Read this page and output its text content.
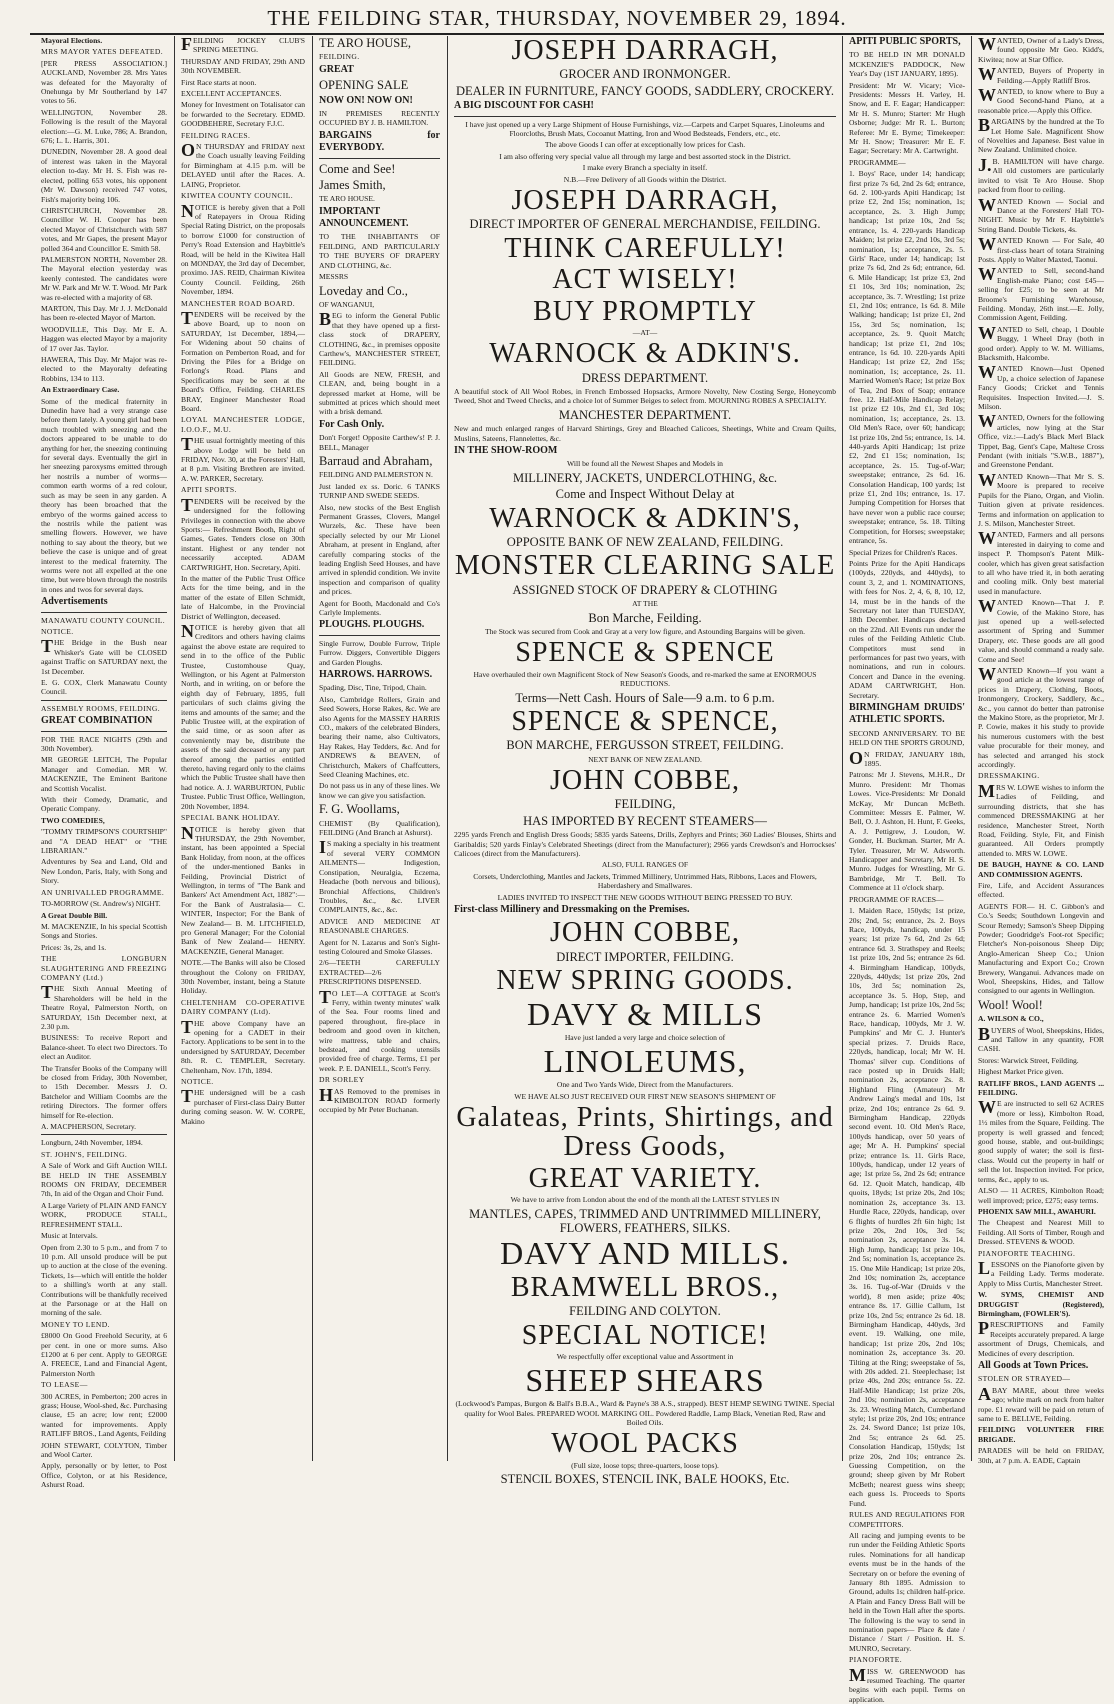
THE FEILDING STAR, THURSDAY, NOVEMBER 29, 1894.

Mayoral Elections.

MRS MAYOR YATES DEFEATED.

[PER PRESS ASSOCIATION.] AUCKLAND, November 28. Mrs Yates was defeated for the Mayoralty of Onehunga by Mr Southerland by 147 votes to 56.

WELLINGTON, November 28. Following is the result of the Mayoral election:—G. M. Luke, 786; A. Brandon, 676; L. L. Harris, 301.

DUNEDIN, November 28. A good deal of interest was taken in the Mayoral election to-day. Mr H. S. Fish was re-elected, polling 653 votes, his opponent (Mr W. Dawson) received 747 votes, Fish's majority being 106.

CHRISTCHURCH, November 28. Councillor W. H. Cooper has been elected Mayor of Christchurch with 587 votes, and Mr Gapes, the present Mayor polled 364 and Councillor E. Smith 58.

PALMERSTON NORTH, November 28. The Mayoral election yesterday was keenly contested. The candidates were Mr W. Park and Mr W. T. Wood. Mr Park was re-elected with a majority of 68.

MARTON, This Day. Mr J. J. McDonald has been re-elected Mayor of Marton.

WOODVILLE, This Day. Mr E. A. Haggen was elected Mayor by a majority of 17 over Jas. Taylor.

HAWERA, This Day. Mr Major was re-elected to the Mayoralty defeating Robbins, 134 to 113.

An Extraordinary Case.

Some of the medical fraternity in Dunedin have had a very strange case before them lately. A young girl had been much troubled with sneezing and the doctors appeared to be unable to do anything for her, the sneezing continuing for several days. Eventually the girl in her sneezing paroxysms emitted through her nostrils a number of worms—common earth worms of a red colour, such as may be seen in any garden. A theory has been broached that the embryo of the worms gained access to the nostrils while the patient was smelling flowers. However, we have nothing to say about the theory, but we believe the case is unique and of great interest to the medical fraternity. The worms were not all expelled at the one time, but were blown through the nostrils in ones and twos for several days.

Advertisements

MANAWATU COUNTY COUNCIL.

NOTICE.

THE Bridge in the Bush near Whisker's Gate will be CLOSED against Traffic on SATURDAY next, the 1st December.

E. G. COX, Clerk Manawatu County Council.

ASSEMBLY ROOMS, FEILDING.

GREAT COMBINATION

FOR THE RACE NIGHTS (29th and 30th November).

MR GEORGE LEITCH, The Popular Manager and Comedian. MR W. MACKENZIE, The Eminent Baritone and Scottish Vocalist.

With their Comedy, Dramatic, and Operatic Company.

TWO COMEDIES,

"TOMMY TRIMPSON'S COURTSHIP" and "A DEAD HEAT" or "THE LIBRARIAN."

Adventures by Sea and Land, Old and New London, Paris, Italy, with Song and Story.

AN UNRIVALLED PROGRAMME.

TO-MORROW (St. Andrew's) NIGHT.

A Great Double Bill.

M. MACKENZIE, In his special Scottish Songs and Stories.

Prices: 3s, 2s, and 1s.

THE LONGBURN SLAUGHTERING AND FREEZING COMPANY (Ltd.)

THE Sixth Annual Meeting of Shareholders will be held in the Theatre Royal, Palmerston North, on SATURDAY, 15th December next, at 2.30 p.m.

BUSINESS: To receive Report and Balance-sheet. To elect two Directors. To elect an Auditor.

The Transfer Books of the Company will be closed from Friday, 30th November, to 15th December. Messrs J. O. Batchelor and William Coombs are the retiring Directors. The former offers himself for Re-election.

A. MACPHERSON, Secretary.

Longburn, 24th November, 1894.

ST. JOHN'S, FEILDING.

A Sale of Work and Gift Auction WILL BE HELD IN THE ASSEMBLY ROOMS ON FRIDAY, DECEMBER 7th, In aid of the Organ and Choir Fund.

A Large Variety of PLAIN AND FANCY WORK, PRODUCE STALL, REFRESHMENT STALL.

Music at Intervals.

Open from 2.30 to 5 p.m., and from 7 to 10 p.m. All unsold produce will be put up to auction at the close of the evening. Tickets, 1s—which will entitle the holder to a shilling's worth at any stall. Contributions will be thankfully received at the Parsonage or at the Hall on morning of the sale.

MONEY TO LEND.

£8000 On Good Freehold Security, at 6 per cent. in one or more sums. Also £1200 at 6 per cent. Apply to GEORGE A. FREECE, Land and Financial Agent, Palmerston North

TO LEASE—

300 ACRES, in Pemberton; 200 acres in grass; House, Wool-shed, &c. Purchasing clause, £5 an acre; low rent; £2000 wanted for improvements. Apply RATLIFF BROS., Land Agents, Feilding

JOHN STEWART, COLYTON, Timber and Wool Carter.

Apply, personally or by letter, to Post Office, Colyton, or at his Residence, Ashurst Road.

FEILDING JOCKEY CLUB'S SPRING MEETING.

THURSDAY AND FRIDAY, 29th AND 30th NOVEMBER.

First Race starts at noon.

EXCELLENT ACCEPTANCES.

Money for Investment on Totalisator can be forwarded to the Secretary. EDMD. GOODBEHERE, Secretary F.J.C.

FEILDING RACES.

ON THURSDAY and FRIDAY next the Coach usually leaving Feilding for Birmingham at 4.15 p.m. will be DELAYED until after the Races. A. LAING, Proprietor.

KIWITEA COUNTY COUNCIL.

NOTICE is hereby given that a Poll of Ratepayers in Oroua Riding Special Rating District, on the proposals to borrow £1000 for construction of Perry's Road Extension and Haybittle's Road, will be held in the Kiwitea Hall on MONDAY, the 3rd day of December, proximo. JAS. REID, Chairman Kiwitea County Council. Feilding, 26th November, 1894.

MANCHESTER ROAD BOARD.

TENDERS will be received by the above Board, up to noon on SATURDAY, 1st December, 1894,— For Widening about 50 chains of Formation on Pemberton Road, and for Driving the Piles for a Bridge on Forlong's Road. Plans and Specifications may be seen at the Board's Office, Feilding. CHARLES BRAY, Engineer Manchester Road Board.

LOYAL MANCHESTER LODGE, I.O.O.F., M.U.

THE usual fortnightly meeting of this above Lodge will be held on FRIDAY, Nov. 30, at the Foresters' Hall, at 8 p.m. Visiting Brethren are invited. A. W. PARKER, Secretary.

APITI SPORTS.

TENDERS will be received by the undersigned for the following Privileges in connection with the above Sports:— Refreshment Booth, Right of Games, Gates. Tenders close on 30th instant. Highest or any tender not necessarily accepted. ADAM CARTWRIGHT, Hon. Secretary, Apiti.

In the matter of the Public Trust Office Acts for the time being, and in the matter of the estate of Ellen Schmidt, late of Halcombe, in the Provincial District of Wellington, deceased.

NOTICE is hereby given that all Creditors and others having claims against the above estate are required to send in to the office of the Public Trustee, Customhouse Quay, Wellington, or his Agent at Palmerston North, and in writing, on or before the eighth day of February, 1895, full particulars of such claims giving the items and amounts of the same; and the Public Trustee will, at the expiration of the said time, or as soon after as conveniently may be, distribute the assets of the said deceased or any part thereof among the parties entitled thereto, having regard only to the claims which the Public Trustee shall have then had notice. A. J. WARBURTON, Public Trustee. Public Trust Office, Wellington, 20th November, 1894.

SPECIAL BANK HOLIDAY.

NOTICE is hereby given that THURSDAY, the 29th November, instant, has been appointed a Special Bank Holiday, from noon, at the offices of the under-mentioned Banks in Feilding, Provincial District of Wellington, in terms of "The Bank and Bankers' Act Amendment Act, 1882":— For the Bank of Australasia— C. WINTER, Inspector; For the Bank of New Zealand— B. M. LITCHFIELD, pro General Manager; For the Colonial Bank of New Zealand— HENRY. MACKENZIE, General Manager.

NOTE.—The Banks will also be Closed throughout the Colony on FRIDAY, 30th November, instant, being a Statute Holiday.

CHELTENHAM CO-OPERATIVE DAIRY COMPANY (Ltd).

THE above Company have an opening for a CADET in their Factory. Applications to be sent in to the undersigned by SATURDAY, December 8th. R. C. TEMPLER, Secretary. Cheltenham, Nov. 17th, 1894.

NOTICE.

THE undersigned will be a cash purchaser of First-class Dairy Butter during coming season. W. W. CORPE, Makino

TE ARO HOUSE,

FEILDING.

GREAT

OPENING SALE

NOW ON! NOW ON!

IN PREMISES RECENTLY OCCUPIED BY J. B. HAMILTON.

BARGAINS for EVERYBODY.

Come and See!

James Smith,

TE ARO HOUSE.

IMPORTANT ANNOUNCEMENT.

TO THE INHABITANTS OF FEILDING, AND PARTICULARLY TO THE BUYERS OF DRAPERY AND CLOTHING, &c.

MESSRS

Loveday and Co.,

OF WANGANUI,

BEG to inform the General Public that they have opened up a first-class stock of DRAPERY, CLOTHING, &c., in premises opposite Carthew's, MANCHESTER STREET, FEILDING.

All Goods are NEW, FRESH, and CLEAN, and, being bought in a depressed market at Home, will be submitted at prices which should meet with a brisk demand.

For Cash Only.

Don't Forget! Opposite Carthew's! P. J. BELL, Manager

Barraud and Abraham,

FEILDING AND PALMERSTON N.

Just landed ex ss. Doric. 6 TANKS TURNIP AND SWEDE SEEDS.

Also, new stocks of the Best English Permanent Grasses, Clovers, Mangel Wurzels, &c. These have been specially selected by our Mr Lionel Abraham, at present in England, after carefully comparing stocks of the leading English Seed Houses, and have arrived in splendid condition. We invite inspection and comparison of quality and prices.

Agent for Booth, Macdonald and Co's Carlyle Implements.

PLOUGHS. PLOUGHS.

Single Furrow, Double Furrow, Triple Furrow. Diggers, Convertible Diggers and Garden Ploughs.

HARROWS. HARROWS.

Spading, Disc, Tine, Tripod, Chain.

Also, Cambridge Rollers, Grain and Seed Sowers, Horse Rakes, &c. We are also Agents for the MASSEY HARRIS CO., makers of the celebrated Binders, bearing their name, also Cultivators, Hay Rakes, Hay Tedders, &c. And for ANDREWS & BEAVEN, of Christchurch, Makers of Chaffcutters, Seed Cleaning Machines, etc.

Do not pass us in any of these lines. We know we can give you satisfaction.

F. G. Woollams,

CHEMIST (By Qualification), FEILDING (And Branch at Ashurst).

IS making a specialty in his treatment of several VERY COMMON AILMENTS— Indigestion, Constipation, Neuralgia, Eczema, Headache (both nervous and bilious), Bronchial Affections, Children's Troubles, &c., &c. LIVER COMPLAINTS, &c., &c.

ADVICE AND MEDICINE AT REASONABLE CHARGES.

Agent for N. Lazarus and Son's Sight-testing Coloured and Smoke Glasses.

2/6—TEETH CAREFULLY EXTRACTED—2/6 PRESCRIPTIONS DISPENSED.

TO LET—A COTTAGE at Scott's Ferry, within twenty minutes' walk of the Sea. Four rooms lined and papered throughout, fire-place in bedroom and good oven in kitchen, wire mattress, table and chairs, bedstead, and cooking utensils provided free of charge. Terms, £1 per week. P. E. DANIELL, Scott's Ferry.

DR SORLEY

HAS Removed to the premises in KIMBOLTON ROAD formerly occupied by Mr Peter Buchanan.

JOSEPH DARRAGH,

GROCER AND IRONMONGER.

DEALER IN FURNITURE, FANCY GOODS, SADDLERY, CROCKERY.

A BIG DISCOUNT FOR CASH!

I have just opened up a very Large Shipment of House Furnishings, viz.—Carpets and Carpet Squares, Linoleums and Floorcloths, Brush Mats, Cocoanut Matting, Iron and Wood Bedsteads, Fenders, etc., etc.

The above Goods I can offer at exceptionally low prices for Cash.

I am also offering very special value all through my large and best assorted stock in the District.

I make every Branch a specialty in itself.

N.B.—Free Delivery of all Goods within the District.

JOSEPH DARRAGH,

DIRECT IMPORTER OF GENERAL MERCHANDISE, FEILDING.

THINK CAREFULLY!

ACT WISELY!

BUY PROMPTLY

—AT—

WARNOCK & ADKIN'S.

DRESS DEPARTMENT.

A beautiful stock of All Wool Robes, in French Embossed Hopsacks, Armore Novelty, New Costing Serge, Honeycomb Tweed, Shot and Tweed Checks, and a choice lot of Summer Beiges to select from. MOURNING ROBES A SPECIALTY.

MANCHESTER DEPARTMENT.

New and much enlarged ranges of Harvard Shirtings, Grey and Bleached Calicoes, Sheetings, White and Cream Quilts, Muslins, Sateens, Flannelettes, &c.

IN THE SHOW-ROOM

Will be found all the Newest Shapes and Models in

MILLINERY, JACKETS, UNDERCLOTHING, &c.

Come and Inspect Without Delay at

WARNOCK & ADKIN'S,

OPPOSITE BANK OF NEW ZEALAND, FEILDING.

MONSTER CLEARING SALE

ASSIGNED STOCK OF DRAPERY & CLOTHING

AT THE

Bon Marche, Feilding.

The Stock was secured from Cook and Gray at a very low figure, and Astounding Bargains will be given.

SPENCE & SPENCE

Have overhauled their own Magnificent Stock of New Season's Goods, and re-marked the same at ENORMOUS REDUCTIONS.

Terms—Nett Cash. Hours of Sale—9 a.m. to 6 p.m.

SPENCE & SPENCE,

BON MARCHE, FERGUSSON STREET, FEILDING.

NEXT BANK OF NEW ZEALAND.

JOHN COBBE,

FEILDING,

HAS IMPORTED BY RECENT STEAMERS—

2295 yards French and English Dress Goods; 5835 yards Sateens, Drills, Zephyrs and Prints; 360 Ladies' Blouses, Shirts and Garibaldis; 520 yards Finlay's Celebrated Sheetings (direct from the Manufacturer); 2966 yards Crewdson's and Horrockses' Calicoes (direct from the Manufacturers).

ALSO, FULL RANGES OF

Corsets, Underclothing, Mantles and Jackets, Trimmed Millinery, Untrimmed Hats, Ribbons, Laces and Flowers, Haberdashery and Smallwares.

LADIES INVITED TO INSPECT THE NEW GOODS WITHOUT BEING PRESSED TO BUY.

First-class Millinery and Dressmaking on the Premises.

JOHN COBBE,

DIRECT IMPORTER, FEILDING.

NEW SPRING GOODS.

DAVY & MILLS

Have just landed a very large and choice selection of

LINOLEUMS,

One and Two Yards Wide, Direct from the Manufacturers.

WE HAVE ALSO JUST RECEIVED OUR FIRST NEW SEASON'S SHIPMENT OF

Galateas, Prints, Shirtings, and Dress Goods,

GREAT VARIETY.

We have to arrive from London about the end of the month all the LATEST STYLES IN

MANTLES, CAPES, TRIMMED AND UNTRIMMED MILLINERY, FLOWERS, FEATHERS, SILKS.

DAVY AND MILLS.

BRAMWELL BROS.,

FEILDING AND COLYTON.

SPECIAL NOTICE!

We respectfully offer exceptional value and Assortment in

SHEEP SHEARS

(Lockwood's Pampas, Burgon & Ball's B.B.A., Ward & Payne's 38 A.S., strapped). BEST HEMP SEWING TWINE. Special quality for Wool Bales. PREPARED WOOL MARKING OIL. Powdered Raddle, Lamp Black, Venetian Red, Raw and Boiled Oils.

WOOL PACKS

(Full size, loose tops; three-quarters, loose tops).

STENCIL BOXES, STENCIL INK, BALE HOOKS, Etc.

APITI PUBLIC SPORTS,

TO BE HELD IN MR DONALD MCKENZIE'S PADDOCK, New Year's Day (1ST JANUARY, 1895).

President: Mr W. Vicary; Vice-Presidents: Messrs H. Varley, H. Snow, and E. F. Eagar; Handicapper: Mr H. S. Munro; Starter: Mr Hugh Osborne; Judge: Mr R. L. Burton; Referee: Mr E. Byrne; Timekeeper: Mr H. Snow; Treasurer: Mr E. F. Eagar; Secretary: Mr A. Cartwright.

PROGRAMME—

1. Boys' Race, under 14; handicap; first prize 7s 6d, 2nd 2s 6d; entrance, 6d. 2. 100-yards Apiti Handicap; 1st prize £2, 2nd 15s; nomination, 1s; acceptance, 2s. 3. High Jump; handicap; 1st prize 10s, 2nd 5s; entrance, 1s. 4. 220-yards Handicap Maiden; 1st prize £2, 2nd 10s, 3rd 5s; nomination, 1s; acceptance, 2s. 5. Girls' Race, under 14; handicap; 1st prize 7s 6d, 2nd 2s 6d; entrance, 6d. 6. Mile Handicap; 1st prize £3, 2nd £1 10s, 3rd 10s; nomination, 2s; acceptance, 3s. 7. Wrestling; 1st prize £1, 2nd 10s; entrance, 1s 6d. 8. Mile Walking; handicap; 1st prize £1, 2nd 15s, 3rd 5s; nomination, 1s; acceptance, 2s. 9. Quoit Match; handicap; 1st prize £1, 2nd 10s; entrance, 1s 6d. 10. 220-yards Apiti Handicap; 1st prize £2, 2nd 15s; nomination, 1s; acceptance, 2s. 11. Married Women's Race; 1st prize Box of Tea, 2nd Box of Soap; entrance free. 12. Half-Mile Handicap Relay; 1st prize £2 10s, 2nd £1, 3rd 10s; nomination, 1s; acceptance, 2s. 13. Old Men's Race, over 60; handicap; 1st prize 10s, 2nd 5s; entrance, 1s. 14. 440-yards Apiti Handicap; 1st prize £2, 2nd £1 15s; nomination, 1s; acceptance, 2s. 15. Tug-of-War; sweepstake; entrance, 2s 6d. 16. Consolation Handicap, 100 yards; 1st prize £1, 2nd 10s; entrance, 1s. 17. Jumping Competition for Horses that have never won a public race course; sweepstake; entrance, 5s. 18. Tilting Competition, for Horses; sweepstake; entrance, 5s.

Special Prizes for Children's Races.

Points Prize for the Apiti Handicaps (100yds, 220yds, and 440yds), to count 3, 2, and 1. NOMINATIONS, with fees for Nos. 2, 4, 6, 8, 10, 12, 14, must be in the hands of the Secretary not later than TUESDAY, 18th December. Handicaps declared on the 22nd. All Events run under the rules of the Feilding Athletic Club. Competitors must send in performances for past two years, with nominations, and run in colours. Concert and Dance in the evening. ADAM CARTWRIGHT, Hon. Secretary.

BIRMINGHAM DRUIDS' ATHLETIC SPORTS.

SECOND ANNIVERSARY. TO BE HELD ON THE SPORTS GROUND,

ON FRIDAY, JANUARY 18th, 1895.

Patrons: Mr J. Stevens, M.H.R., Dr Munro. President: Mr Thomas Lowes. Vice-Presidents: Mr Donald McKay, Mr Duncan McBeth. Committee: Messrs E. Palmer, W. Bell, O. J. Ashton, H. Hunt, F. Geeks, A. J. Pettigrew, J. Loudon, W. Gonder, H. Buckman. Starter, Mr A. Tyler. Treasurer, Mr W. Adsworth. Handicapper and Secretary, Mr H. S. Munro. Judges for Wrestling, Mr G. Bambridge, Mr T. Bell. To Commence at 11 o'clock sharp.

PROGRAMME OF RACES—

1. Maiden Race, 150yds; 1st prize, 20s; 2nd, 5s; entrance, 2s. 2. Boys Race, 100yds, handicap, under 15 years; 1st prize 7s 6d, 2nd 2s 6d; entrance 6d. 3. Strathspey and Reels; 1st prize 10s, 2nd 5s; entrance 2s 6d. 4. Birmingham Handicap, 100yds, 220yds, 440yds; 1st prize 20s, 2nd 10s, 3rd 5s; nomination 2s, acceptance 3s. 5. Hop, Step, and Jump, handicap; 1st prize 10s, 2nd 5s; entrance 2s. 6. Married Women's Race, handicap, 100yds, Mr J. W. Pumpkins' and Mr C. J. Hunter's special prizes. 7. Druids Race, 220yds, handicap, local; Mr W. H. Thomas' silver cup. Conditions of race posted up in Druids Hall; nomination 2s, acceptance 2s. 8. Highland Fling (Amateur) Mr Andrew Laing's medal and 10s, 1st prize, 2nd 10s; entrance 2s 6d. 9. Birmingham Handicap, 220yds second event. 10. Old Men's Race, 100yds handicap, over 50 years of age; Mr A. H. Pumpkins' special prize; entrance 1s. 11. Girls Race, 100yds, handicap, under 12 years of age; 1st prize 5s, 2nd 2s 6d; entrance 6d. 12. Quoit Match, handicap, 4lb quoits, 18yds; 1st prize 20s, 2nd 10s; nomination 2s, acceptance 3s. 13. Hurdle Race, 220yds, handicap, over 6 flights of hurdles 2ft 6in high; 1st prize 20s, 2nd 10s, 3rd 5s; nomination 2s, acceptance 3s. 14. High Jump, handicap; 1st prize 10s, 2nd 5s; nomination 1s, acceptance 2s. 15. One Mile Handicap; 1st prize 20s, 2nd 10s; nomination 2s, acceptance 3s. 16. Tug-of-War (Druids v the world), 8 men aside; prize 40s; entrance 8s. 17. Gillie Callum, 1st prize 10s, 2nd 5s; entrance 2s 6d. 18. Birmingham Handicap, 440yds, 3rd event. 19. Walking, one mile, handicap; 1st prize 20s, 2nd 10s; nomination 2s, acceptance 3s. 20. Tilting at the Ring; sweepstake of 5s, with 20s added. 21. Steeplechase; 1st prize 40s, 2nd 20s; entrance 5s. 22. Half-Mile Handicap; 1st prize 20s, 2nd 10s; nomination 2s, acceptance 3s. 23. Wrestling Match, Cumberland style; 1st prize 20s, 2nd 10s; entrance 2s. 24. Sword Dance; 1st prize 10s, 2nd 5s; entrance 2s 6d. 25. Consolation Handicap, 150yds; 1st prize 20s, 2nd 10s; entrance 2s. Guessing Competition, on the ground; sheep given by Mr Robert McBeth; nearest guess wins sheep; each guess 1s. Proceeds to Sports Fund.

RULES AND REGULATIONS FOR COMPETITORS.

All racing and jumping events to be run under the Feilding Athletic Sports rules. Nominations for all handicap events must be in the hands of the Secretary on or before the evening of January 8th 1895. Admission to Ground, adults 1s; children half-price. A Plain and Fancy Dress Ball will be held in the Town Hall after the sports. The following is the way to send in nomination papers— Place & date / Distance / Start / Position. H. S. MUNRO, Secretary.

PIANOFORTE.

MISS W. GREENWOOD has resumed Teaching. The quarter begins with each pupil. Terms on application.

WANTED, Owner of a Lady's Dress, found opposite Mr Geo. Kidd's, Kiwitea; now at Star Office.

WANTED, Buyers of Property in Feilding.—Apply Ratliff Bros.

WANTED, to know where to Buy a Good Second-hand Piano, at a reasonable price.—Apply this Office.

BARGAINS by the hundred at the To Let Home Sale. Magnificent Show of Novelties and Japanese. Best value in New Zealand. Unlimited choice.

J.B. HAMILTON will have charge. All old customers are particularly invited to visit Te Aro House. Shop packed from floor to ceiling.

WANTED Known — Social and Dance at the Foresters' Hall TO-NIGHT. Music by Mr F. Haybittle's String Band. Double Tickets, 4s.

WANTED Known — For Sale, 40 first-class heart of totara Straining Posts. Apply to Walter Maxted, Taonui.

WANTED to Sell, second-hand English-make Piano; cost £45—selling for £25; to be seen at Mr Broome's Furnishing Warehouse, Feilding. Monday, 26th inst.—E. Jolly, Commission Agent, Feilding.

WANTED to Sell, cheap, 1 Double Buggy, 1 Wheel Dray (both in good order). Apply to W. M. Williams, Blacksmith, Halcombe.

WANTED Known—Just Opened Up, a choice selection of Japanese Fancy Goods; Cricket and Tennis Requisites. Inspection Invited.—J. S. Milson.

WANTED, Owners for the following articles, now lying at the Star Office, viz.:—Lady's Black Merl Black Tippet, Bag, Gent's Cape, Maltese Cross Pendant (with initials "S.W.B., 1887"), and Greenstone Pendant.

WANTED Known—That Mr S. S. Moore is prepared to receive Pupils for the Piano, Organ, and Violin. Tuition given at private residences. Terms and information on application to J. S. Milson, Manchester Street.

WANTED, Farmers and all persons interested in dairying to come and inspect P. Thompson's Patent Milk-cooler, which has given great satisfaction to all who have tried it, in both aerating and cooling milk. Only best material used in manufacture.

WANTED Known—That J. P. Cowie, of the Makino Store, has just opened up a well-selected assortment of Spring and Summer Drapery, etc. These goods are all good value, and should command a ready sale. Come and See!

WANTED Known—If you want a good article at the lowest range of prices in Drapery, Clothing, Boots, Ironmongery, Crockery, Saddlery, &c., &c., you cannot do better than patronise the Makino Store, as the proprietor, Mr J. P. Cowie, makes it his study to provide his numerous customers with the best value procurable for their money, and has selected and arranged his stock accordingly.

DRESSMAKING.

MRS W. LOWE wishes to inform the Ladies of Feilding, and surrounding districts, that she has commenced DRESSMAKING at her residence, Manchester Street, North Road, Feilding. Style, Fit, and Finish guaranteed. All Orders promptly attended to. MRS W. LOWE.

DE BAUGH, HAYNE & CO. LAND AND COMMISSION AGENTS.

Fire, Life, and Accident Assurances effected.

AGENTS FOR— H. C. Gibbon's and Co.'s Seeds; Southdown Longevin and Scour Remedy; Samson's Sheep Dipping Powder; Goodridge's Foot-rot Specific; Fletcher's Non-poisonous Sheep Dip; Anglo-American Sheep Co.; Union Manufacturing and Export Co.; Crown Brewery, Wanganui. Advances made on Wool, Sheepskins, Hides, and Tallow consigned to our agents in Wellington.

Wool! Wool!

A. WILSON & CO.,

BUYERS of Wool, Sheepskins, Hides, and Tallow in any quantity, FOR CASH.

Stores: Warwick Street, Feilding.

Highest Market Price given.

RATLIFF BROS., LAND AGENTS ... FEILDING.

WE are instructed to sell 62 ACRES (more or less), Kimbolton Road, 1½ miles from the Square, Feilding. The property is well grassed and fenced; good house, stable, and out-buildings; good supply of water; the soil is first-class. Would cut the property in half or sell the lot. Inspection invited. For price, terms, &c., apply to us.

ALSO — 11 ACRES, Kimbolton Road; well improved; price, £275; easy terms.

PHOENIX SAW MILL, AWAHURI.

The Cheapest and Nearest Mill to Feilding. All Sorts of Timber, Rough and Dressed. STEVENS & WOOD.

PIANOFORTE TEACHING.

LESSONS on the Pianoforte given by a Feilding Lady. Terms moderate. Apply to Miss Curtis, Manchester Street.

W. SYMS, CHEMIST AND DRUGGIST (Registered), Birmingham, (FOWLER'S).

PRESCRIPTIONS and Family Receipts accurately prepared. A large assortment of Drugs, Chemicals, and Medicines of every description.

All Goods at Town Prices.

STOLEN OR STRAYED—

ABAY MARE, about three weeks ago; white mark on neck from halter rope. £1 reward will be paid on return of same to E. BELLVE, Feilding.

FEILDING VOLUNTEER FIRE BRIGADE.

PARADES will be held on FRIDAY, 30th, at 7 p.m. A. EADE, Captain
